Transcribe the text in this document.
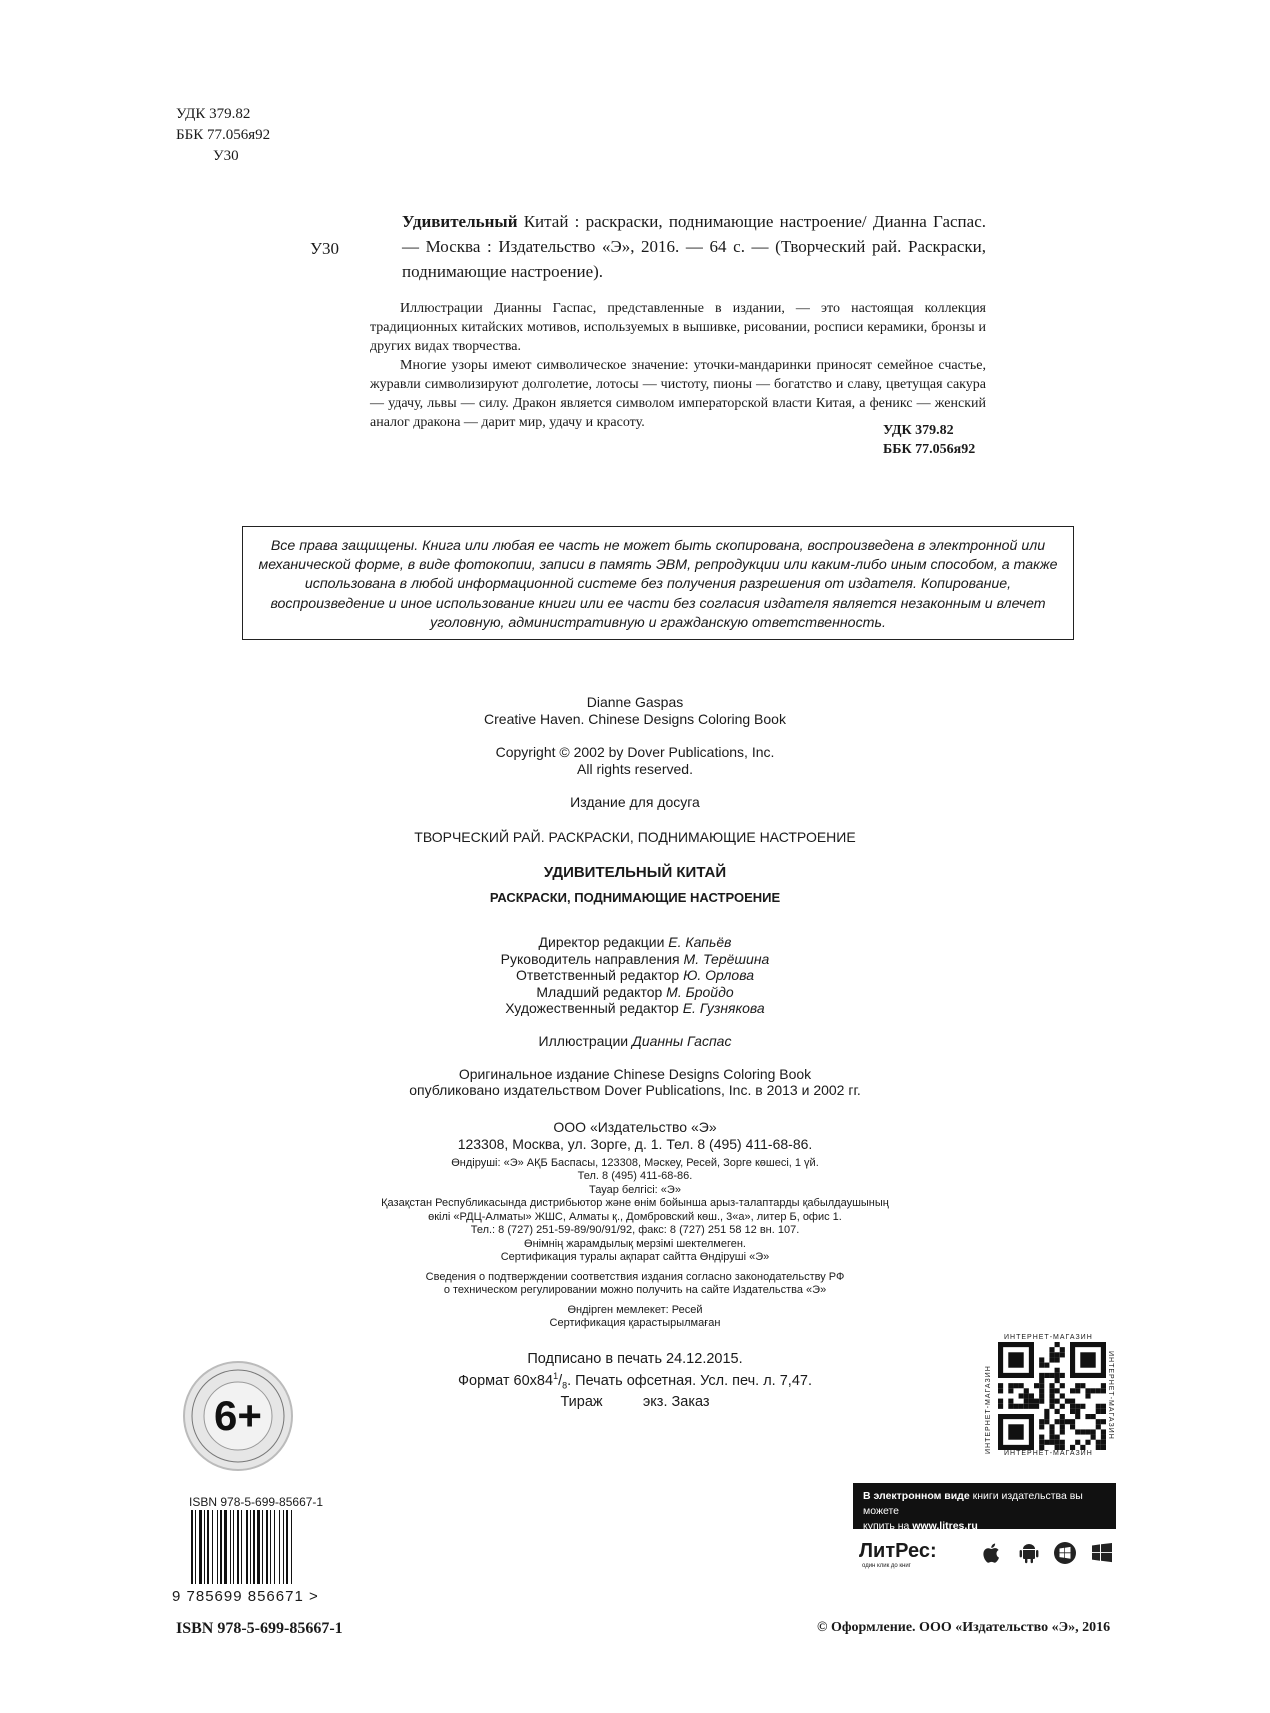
УДК 379.82
ББК 77.056я92
У30
У30
Удивительный Китай : раскраски, поднимающие настроение/ Дианна Гаспас. — Москва : Издательство «Э», 2016. — 64 с. — (Творческий рай. Раскраски, поднимающие настроение).

Иллюстрации Дианны Гаспас, представленные в издании, — это настоящая коллекция традиционных китайских мотивов, используемых в вышивке, рисовании, росписи керамики, бронзы и других видах творчества.

Многие узоры имеют символическое значение: уточки-мандаринки приносят семейное счастье, журавли символизируют долголетие, лотосы — чистоту, пионы — богатство и славу, цветущая сакура — удачу, львы — силу. Дракон является символом императорской власти Китая, а феникс — женский аналог дракона — дарит мир, удачу и красоту.

УДК 379.82
ББК 77.056я92
Все права защищены. Книга или любая ее часть не может быть скопирована, воспроизведена в электронной или механической форме, в виде фотокопии, записи в память ЭВМ, репродукции или каким-либо иным способом, а также использована в любой информационной системе без получения разрешения от издателя. Копирование, воспроизведение и иное использование книги или ее части без согласия издателя является незаконным и влечет уголовную, административную и гражданскую ответственность.
Dianne Gaspas
Creative Haven. Chinese Designs Coloring Book
Copyright © 2002 by Dover Publications, Inc.
All rights reserved.
Издание для досуга
ТВОРЧЕСКИЙ РАЙ. РАСКРАСКИ, ПОДНИМАЮЩИЕ НАСТРОЕНИЕ
УДИВИТЕЛЬНЫЙ КИТАЙ
РАСКРАСКИ, ПОДНИМАЮЩИЕ НАСТРОЕНИЕ
Директор редакции Е. Капьёв
Руководитель направления М. Терёшина
Ответственный редактор Ю. Орлова
Младший редактор М. Бройдо
Художественный редактор Е. Гузнякова
Иллюстрации Дианны Гаспас
Оригинальное издание Chinese Designs Coloring Book
опубликовано издательством Dover Publications, Inc. в 2013 и 2002 гг.
ООО «Издательство «Э»
123308, Москва, ул. Зорге, д. 1. Тел. 8 (495) 411-68-86.
Өндіруші: «Э» АҚБ Баспасы, 123308, Мәскеу, Ресей, Зорге көшесі, 1 үй.
Тел. 8 (495) 411-68-86.
Тауар белгісі: «Э»
Қазақстан Республикасында дистрибьютор және өнім бойынша арыз-талаптарды қабылдаушының
өкілі «РДЦ-Алматы» ЖШС, Алматы қ., Домбровский көш., 3«а», литер Б, офис 1.
Тел.: 8 (727) 251-59-89/90/91/92, факс: 8 (727) 251 58 12 вн. 107.
Өнімнің жарамдылық мерзімі шектелмеген.
Сертификация туралы ақпарат сайтта Өндіруші «Э»
Сведения о подтверждении соответствия издания согласно законодательству РФ
о техническом регулировании можно получить на сайте Издательства «Э»
Өндірген мемлекет: Ресей
Сертификация қарастырылмаған
Подписано в печать 24.12.2015.
Формат $60x84^1/_8$. Печать офсетная. Усл. печ. л. 7,47.
Тираж          экз. Заказ
6+
ISBN 978-5-699-85667-1
9 785699 856671 >
ISBN 978-5-699-85667-1
ИНТЕРНЕТ-МАГАЗИН
ИНТЕРНЕТ-МАГАЗИН	ИНТЕРНЕТ-МАГАЗИН
ИНТЕРНЕТ-МАГАЗИН
В электронном виде книги издательства вы можете
купить на www.litres.ru
ЛитРес:
один клик до книг
© Оформление. ООО «Издательство «Э», 2016
